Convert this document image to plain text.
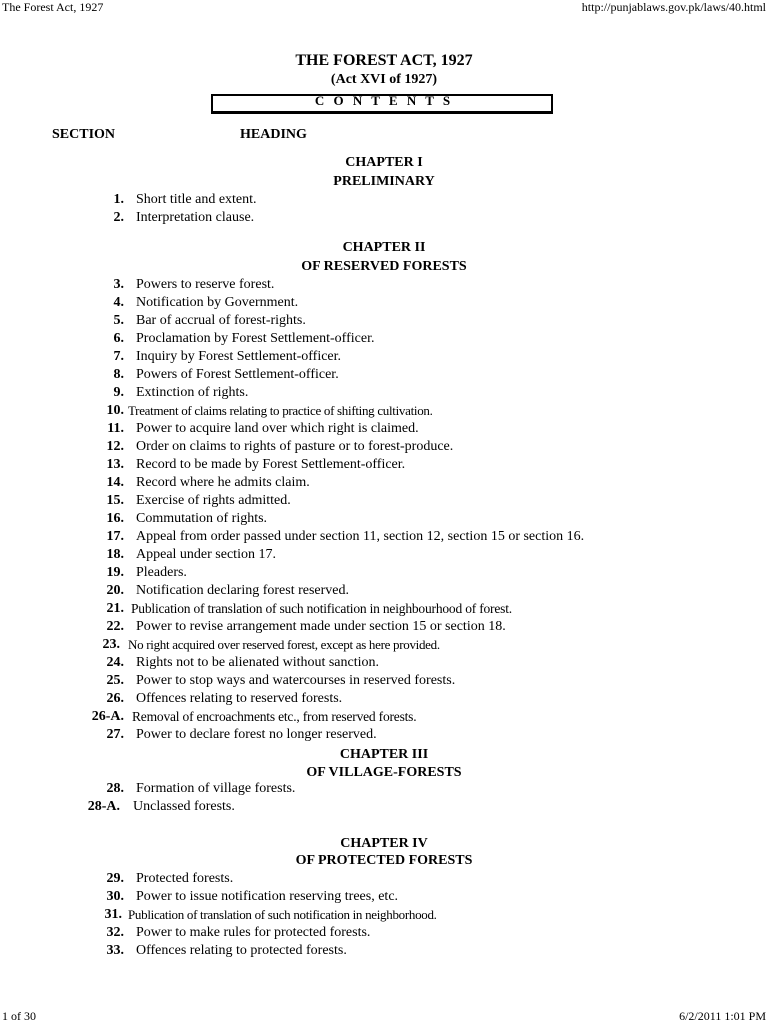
The Forest Act, 1927	http://punjablaws.gov.pk/laws/40.html
1 of 30	6/2/2011 1:01 PM
THE FOREST ACT, 1927
(Act XVI of 1927)
C O N T E N T S
SECTION	HEADING
CHAPTER I
PRELIMINARY
CHAPTER II
OF RESERVED FORESTS
CHAPTER III
OF VILLAGE-FORESTS
CHAPTER IV
OF PROTECTED FORESTS
1. Short title and extent.
2. Interpretation clause.
3. Powers to reserve forest.
4. Notification by Government.
5. Bar of accrual of forest-rights.
6. Proclamation by Forest Settlement-officer.
7. Inquiry by Forest Settlement-officer.
8. Powers of Forest Settlement-officer.
9. Extinction of rights.
10. Treatment of claims relating to practice of shifting cultivation.
11. Power to acquire land over which right is claimed.
12. Order on claims to rights of pasture or to forest-produce.
13. Record to be made by Forest Settlement-officer.
14. Record where he admits claim.
15. Exercise of rights admitted.
16. Commutation of rights.
17. Appeal from order passed under section 11, section 12, section 15 or section 16.
18. Appeal under section 17.
19. Pleaders.
20. Notification declaring forest reserved.
21. Publication of translation of such notification in neighbourhood of forest.
22. Power to revise arrangement made under section 15 or section 18.
23. No right acquired over reserved forest, except as here provided.
24. Rights not to be alienated without sanction.
25. Power to stop ways and watercourses in reserved forests.
26. Offences relating to reserved forests.
26-A. Removal of encroachments etc., from reserved forests.
27. Power to declare forest no longer reserved.
28. Formation of village forests.
28-A. Unclassed forests.
29. Protected forests.
30. Power to issue notification reserving trees, etc.
31. Publication of translation of such notification in neighborhood.
32. Power to make rules for protected forests.
33. Offences relating to protected forests.
